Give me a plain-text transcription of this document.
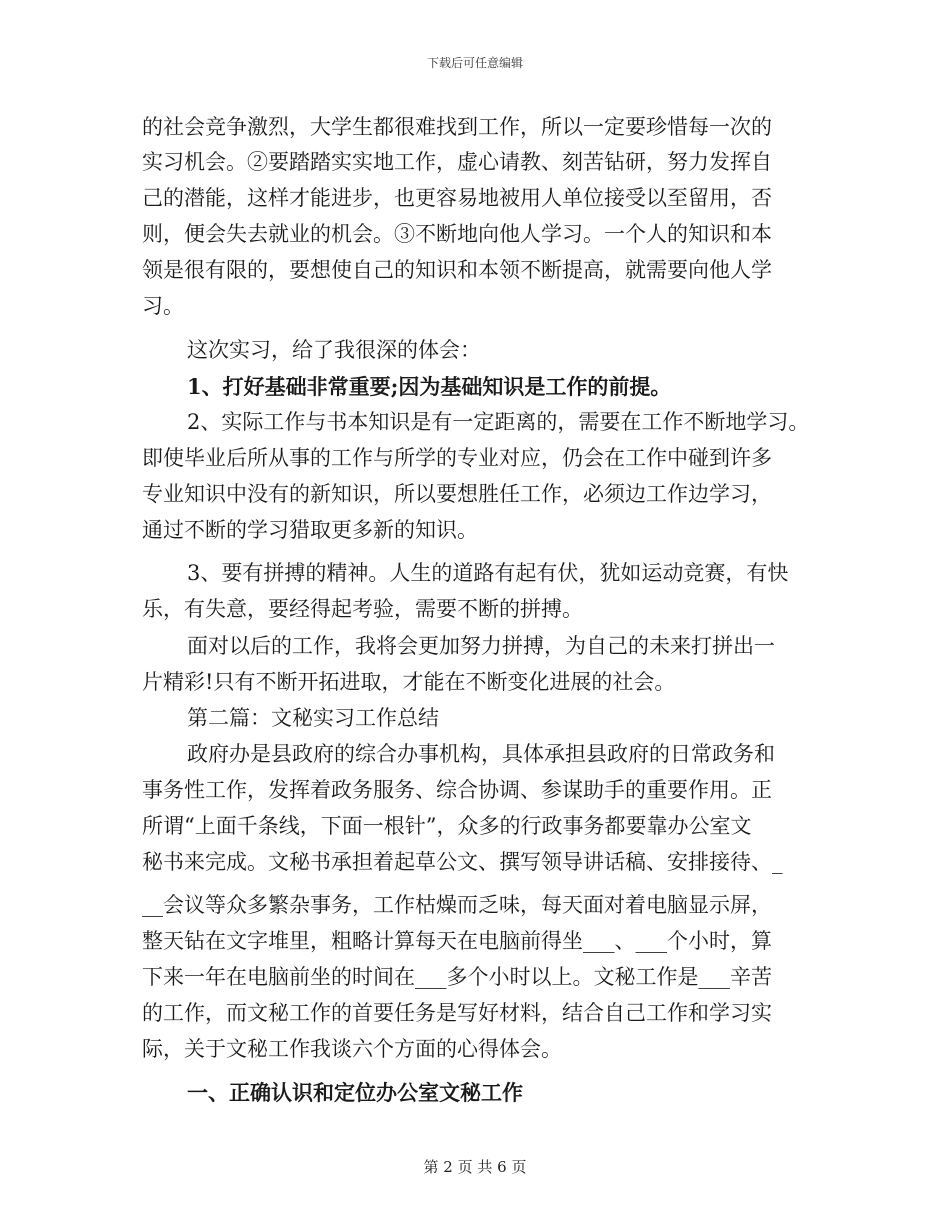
下载后可任意编辑
的社会竞争激烈，大学生都很难找到工作，所以一定要珍惜每一次的
实习机会。②要踏踏实实地工作，虚心请教、刻苦钻研，努力发挥自
己的潜能，这样才能进步，也更容易地被用人单位接受以至留用，否
则，便会失去就业的机会。③不断地向他人学习。一个人的知识和本
领是很有限的，要想使自己的知识和本领不断提高，就需要向他人学
习。
这次实习，给了我很深的体会：
1、打好基础非常重要;因为基础知识是工作的前提。
2、实际工作与书本知识是有一定距离的，需要在工作不断地学习。
即使毕业后所从事的工作与所学的专业对应，仍会在工作中碰到许多
专业知识中没有的新知识，所以要想胜任工作，必须边工作边学习，
通过不断的学习猎取更多新的知识。
3、要有拼搏的精神。人生的道路有起有伏，犹如运动竞赛，有快
乐，有失意，要经得起考验，需要不断的拼搏。
面对以后的工作，我将会更加努力拼搏，为自己的未来打拼出一
片精彩!只有不断开拓进取，才能在不断变化进展的社会。
第二篇：文秘实习工作总结
政府办是县政府的综合办事机构，具体承担县政府的日常政务和
事务性工作，发挥着政务服务、综合协调、参谋助手的重要作用。正
所谓“上面千条线，下面一根针”，众多的行政事务都要靠办公室文
秘书来完成。文秘书承担着起草公文、撰写领导讲话稿、安排接待、_
__会议等众多繁杂事务，工作枯燥而乏味，每天面对着电脑显示屏，
整天钻在文字堆里，粗略计算每天在电脑前得坐___、___个小时，算
下来一年在电脑前坐的时间在___多个小时以上。文秘工作是___辛苦
的工作，而文秘工作的首要任务是写好材料，结合自己工作和学习实
际，关于文秘工作我谈六个方面的心得体会。
一、正确认识和定位办公室文秘工作
第 2 页 共 6 页
